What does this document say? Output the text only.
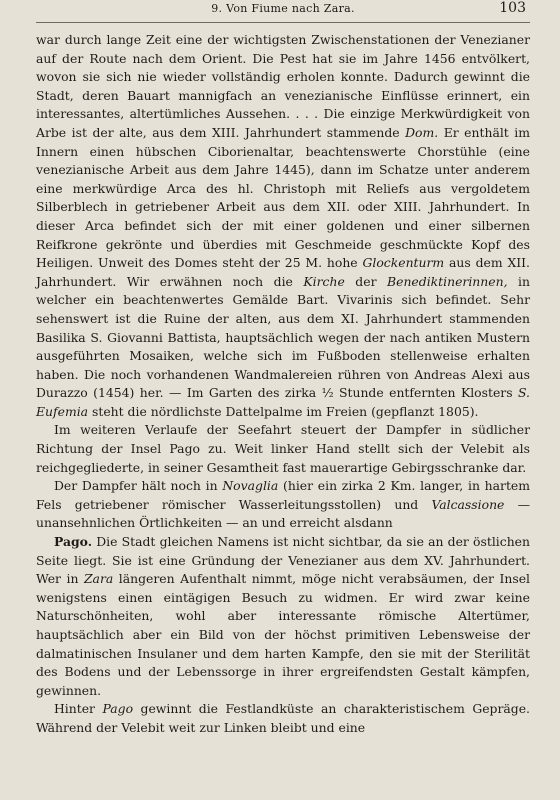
9. Von Fiume nach Zara.	103

war durch lange Zeit eine der wichtigsten Zwischenstationen der Venezianer auf der Route nach dem Orient. Die Pest hat sie im Jahre 1456 entvölkert, wovon sie sich nie wieder vollständig erholen konnte. Dadurch gewinnt die Stadt, deren Bauart mannigfach an venezianische Einflüsse erinnert, ein interessantes, altertümliches Aussehen. . . . Die einzige Merkwürdigkeit von Arbe ist der alte, aus dem XIII. Jahrhundert stammende Dom. Er enthält im Innern einen hübschen Ciborienaltar, beachtenswerte Chorstühle (eine venezianische Arbeit aus dem Jahre 1445), dann im Schatze unter anderem eine merkwürdige Arca des hl. Christoph mit Reliefs aus vergoldetem Silberblech in getriebener Arbeit aus dem XII. oder XIII. Jahrhundert. In dieser Arca befindet sich der mit einer goldenen und einer silbernen Reifkrone gekrönte und überdies mit Geschmeide geschmückte Kopf des Heiligen. Unweit des Domes steht der 25 M. hohe Glockenturm aus dem XII. Jahrhundert. Wir erwähnen noch die Kirche der Benediktinerinnen, in welcher ein beachtenwertes Gemälde Bart. Vivarinis sich befindet. Sehr sehenswert ist die Ruine der alten, aus dem XI. Jahrhundert stammenden Basilika S. Giovanni Battista, hauptsächlich wegen der nach antiken Mustern ausgeführten Mosaiken, welche sich im Fußboden stellenweise erhalten haben. Die noch vorhandenen Wandmalereien rühren von Andreas Alexi aus Durazzo (1454) her. — Im Garten des zirka ½ Stunde entfernten Klosters S. Eufemia steht die nördlichste Dattelpalme im Freien (gepflanzt 1805).

Im weiteren Verlaufe der Seefahrt steuert der Dampfer in südlicher Richtung der Insel Pago zu. Weit linker Hand stellt sich der Velebit als reichgegliederte, in seiner Gesamtheit fast mauerartige Gebirgsschranke dar.

Der Dampfer hält noch in Novaglia (hier ein zirka 2 Km. langer, in hartem Fels getriebener römischer Wasserleitungsstollen) und Valcassione — unansehnlichen Örtlichkeiten — an und erreicht alsdann

Pago. Die Stadt gleichen Namens ist nicht sichtbar, da sie an der östlichen Seite liegt. Sie ist eine Gründung der Venezianer aus dem XV. Jahrhundert. Wer in Zara längeren Aufenthalt nimmt, möge nicht verabsäumen, der Insel wenigstens einen eintägigen Besuch zu widmen. Er wird zwar keine Naturschönheiten, wohl aber interessante römische Altertümer, hauptsächlich aber ein Bild von der höchst primitiven Lebensweise der dalmatinischen Insulaner und dem harten Kampfe, den sie mit der Sterilität des Bodens und der Lebenssorge in ihrer ergreifendsten Gestalt kämpfen, gewinnen.

Hinter Pago gewinnt die Festlandküste an charakteristischem Gepräge. Während der Velebit weit zur Linken bleibt und eine
